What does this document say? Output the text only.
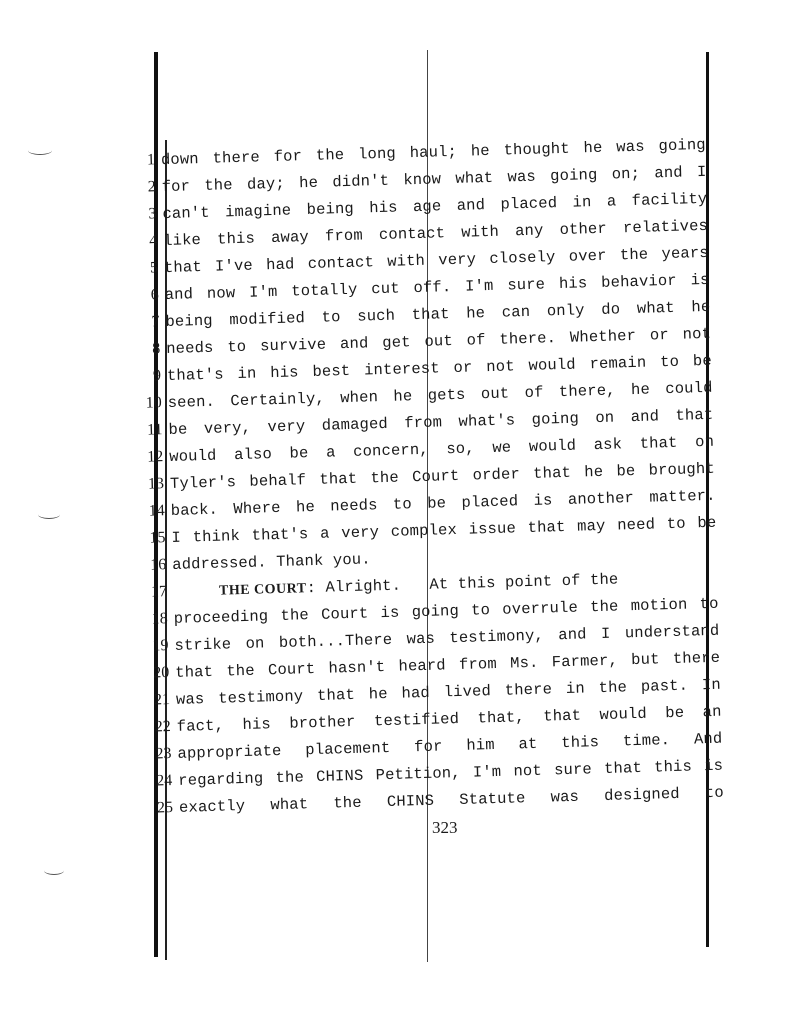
1 down there for the long haul; he thought he was going
2 for the day; he didn't know what was going on; and I
3 can't imagine being his age and placed in a facility
4 like this away from contact with any other relatives
5 that I've had contact with very closely over the years
6 and now I'm totally cut off. I'm sure his behavior is
7 being modified to such that he can only do what he
8 needs to survive and get out of there. Whether or not
9 that's in his best interest or not would remain to be
10 seen. Certainly, when he gets out of there, he could
11 be very, very damaged from what's going on and that
12 would also be a concern, so, we would ask that on
13 Tyler's behalf that the Court order that he be brought
14 back. Where he needs to be placed is another matter.
15 I think that's a very complex issue that may need to be
16 addressed. Thank you.
17	THE COURT: Alright.   At this point of the
18 proceeding the Court is going to overrule the motion to
19 strike on both...There was testimony, and I understand
20 that the Court hasn't heard from Ms. Farmer, but there
21 was testimony that he had lived there in the past. In
22 fact, his brother testified that, that would be an
23 appropriate placement for him at this time. And
24 regarding the CHINS Petition, I'm not sure that this is
25 exactly what the CHINS Statute was designed to
323
